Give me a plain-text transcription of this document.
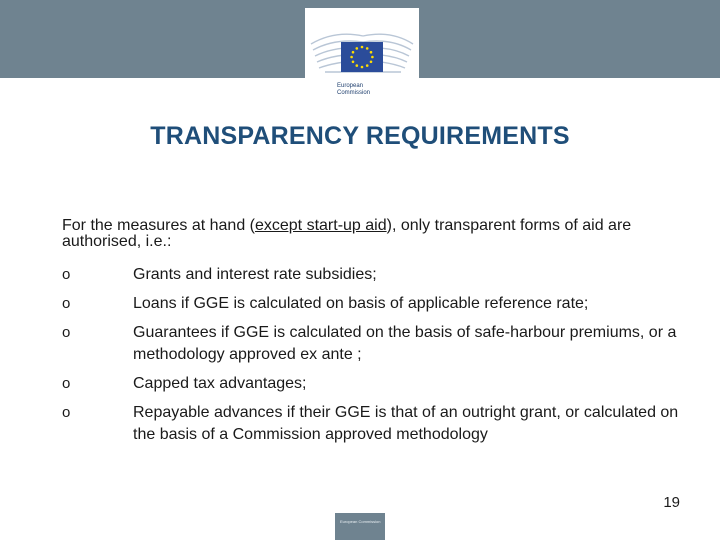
European
Commission
TRANSPARENCY REQUIREMENTS
For the measures at hand (except start-up aid), only transparent forms of aid are authorised, i.e.:
o	Grants and interest rate subsidies;
o	Loans if GGE is calculated on basis of applicable reference rate;
o	Guarantees if GGE is calculated on the basis of safe-harbour premiums, or a methodology approved ex ante ;
o	Capped tax advantages;
o	Repayable advances if their GGE is that of an outright grant, or calculated on the basis of a Commission approved methodology
19
European Commission
